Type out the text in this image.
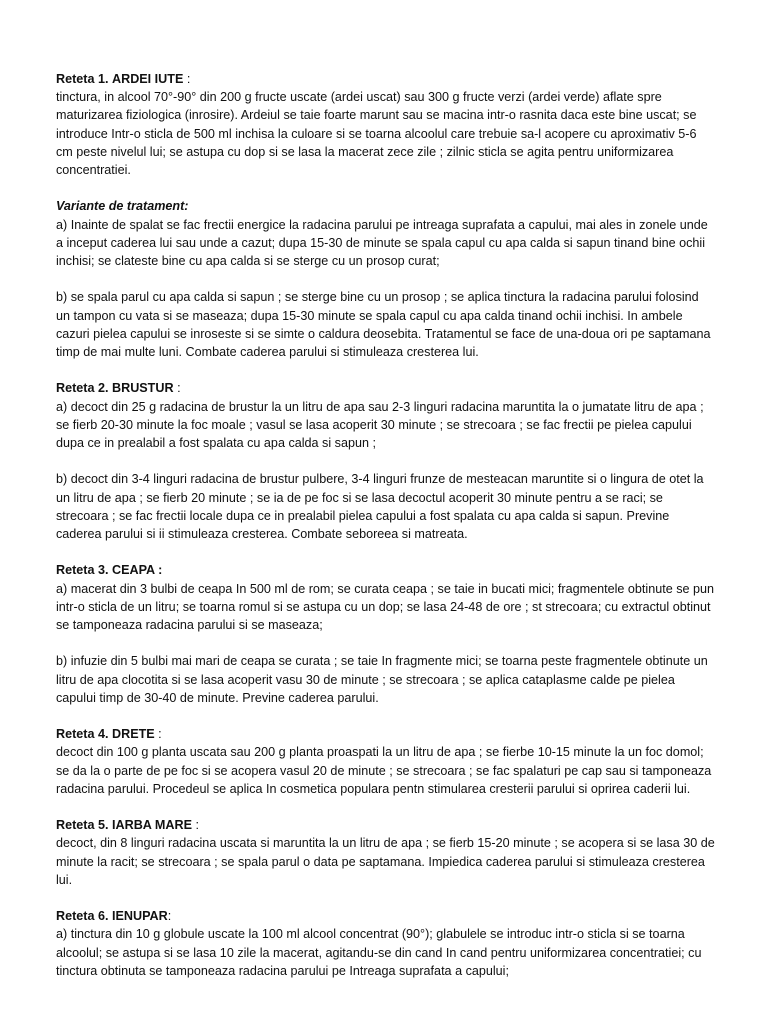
Reteta 1. ARDEI IUTE :

tinctura, in alcool 70°-90° din 200 g fructe uscate (ardei uscat) sau 300 g fructe verzi (ardei verde) aflate spre maturizarea fiziologica (inrosire). Ardeiul se taie foarte marunt sau se macina intr-o rasnita daca este bine uscat; se introduce Intr-o sticla de 500 ml inchisa la culoare si se toarna alcoolul care trebuie sa-l acopere cu aproximativ 5-6 cm peste nivelul lui; se astupa cu dop si se lasa la macerat zece zile ; zilnic sticla se agita pentru uniformizarea concentratiei.

Variante de tratament:

a) Inainte de spalat se fac frectii energice la radacina parului pe intreaga suprafata a capului, mai ales in zonele unde a inceput caderea lui sau unde a cazut; dupa 15-30 de minute se spala capul cu apa calda si sapun tinand bine ochii inchisi; se clateste bine cu apa calda si se sterge cu un prosop curat;

b) se spala parul cu apa calda si sapun ; se sterge bine cu un prosop ; se aplica tinctura la radacina parului folosind un tampon cu vata si se maseaza; dupa 15-30 minute se spala capul cu apa calda tinand ochii inchisi. In ambele cazuri pielea capului se inroseste si se simte o caldura deosebita. Tratamentul se face de una-doua ori pe saptamana timp de mai multe luni. Combate caderea parului si stimuleaza cresterea lui.

Reteta 2. BRUSTUR :

a) decoct din 25 g radacina de brustur la un litru de apa sau 2-3 linguri radacina maruntita la o jumatate litru de apa ; se fierb 20-30 minute la foc moale ; vasul se lasa acoperit 30 minute ; se strecoara ; se fac frectii pe pielea capului dupa ce in prealabil a fost spalata cu apa calda si sapun ;

b) decoct din 3-4 linguri radacina de brustur pulbere, 3-4 linguri frunze de mesteacan maruntite si o lingura de otet la un litru de apa ; se fierb 20 minute ; se ia de pe foc si se lasa decoctul acoperit 30 minute pentru a se raci; se strecoara ; se fac frectii locale dupa ce in prealabil pielea capului a fost spalata cu apa calda si sapun. Previne caderea parului si ii stimuleaza cresterea. Combate seboreea si matreata.

Reteta 3. CEAPA :

a) macerat din 3 bulbi de ceapa In 500 ml de rom; se curata ceapa ; se taie in bucati mici; fragmentele obtinute se pun intr-o sticla de un litru; se toarna romul si se astupa cu un dop; se lasa 24-48 de ore ; st strecoara; cu extractul obtinut se tamponeaza radacina parului si se maseaza;

b) infuzie din 5 bulbi mai mari de ceapa se curata ; se taie In fragmente mici; se toarna peste fragmentele obtinute un litru de apa clocotita si se lasa acoperit vasu 30 de minute ; se strecoara ; se aplica cataplasme calde pe pielea capului timp de 30-40 de minute. Previne caderea parului.

Reteta 4. DRETE :

decoct din 100 g planta uscata sau 200 g planta proaspati la un litru de apa ; se fierbe 10-15 minute la un foc domol; se da la o parte de pe foc si se acopera vasul 20 de minute ; se strecoara ; se fac spalaturi pe cap sau si tamponeaza radacina parului. Procedeul se aplica In cosmetica populara pentn stimularea cresterii parului si oprirea caderii lui.

Reteta 5. IARBA MARE :

decoct, din 8 linguri radacina uscata si maruntita la un litru de apa ; se fierb 15-20 minute ; se acopera si se lasa 30 de minute la racit; se strecoara ; se spala parul o data pe saptamana. Impiedica caderea parului si stimuleaza cresterea lui.

Reteta 6. IENUPAR:

a) tinctura din 10 g globule uscate la 100 ml alcool concentrat (90°); glabulele se introduc intr-o sticla si se toarna alcoolul; se astupa si se lasa 10 zile la macerat, agitandu-se din cand In cand pentru uniformizarea concentratiei; cu tinctura obtinuta se tamponeaza radacina parului pe Intreaga suprafata a capului;
